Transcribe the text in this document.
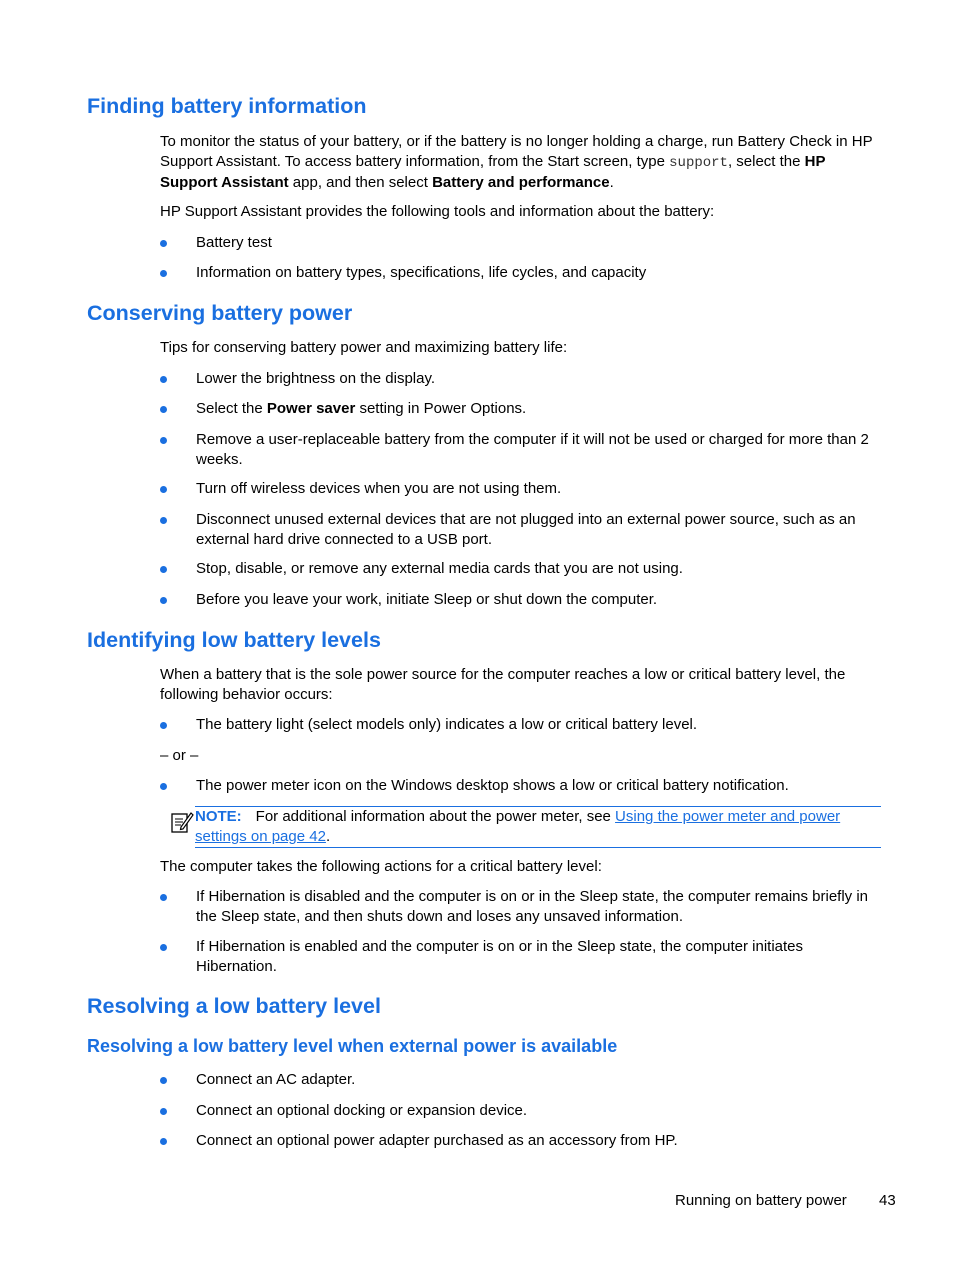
Finding battery information
To monitor the status of your battery, or if the battery is no longer holding a charge, run Battery Check in HP Support Assistant. To access battery information, from the Start screen, type support, select the HP Support Assistant app, and then select Battery and performance.
HP Support Assistant provides the following tools and information about the battery:
Battery test
Information on battery types, specifications, life cycles, and capacity
Conserving battery power
Tips for conserving battery power and maximizing battery life:
Lower the brightness on the display.
Select the Power saver setting in Power Options.
Remove a user-replaceable battery from the computer if it will not be used or charged for more than 2 weeks.
Turn off wireless devices when you are not using them.
Disconnect unused external devices that are not plugged into an external power source, such as an external hard drive connected to a USB port.
Stop, disable, or remove any external media cards that you are not using.
Before you leave your work, initiate Sleep or shut down the computer.
Identifying low battery levels
When a battery that is the sole power source for the computer reaches a low or critical battery level, the following behavior occurs:
The battery light (select models only) indicates a low or critical battery level.
– or –
The power meter icon on the Windows desktop shows a low or critical battery notification.
NOTE: For additional information about the power meter, see Using the power meter and power settings on page 42.
The computer takes the following actions for a critical battery level:
If Hibernation is disabled and the computer is on or in the Sleep state, the computer remains briefly in the Sleep state, and then shuts down and loses any unsaved information.
If Hibernation is enabled and the computer is on or in the Sleep state, the computer initiates Hibernation.
Resolving a low battery level
Resolving a low battery level when external power is available
Connect an AC adapter.
Connect an optional docking or expansion device.
Connect an optional power adapter purchased as an accessory from HP.
Running on battery power 43
